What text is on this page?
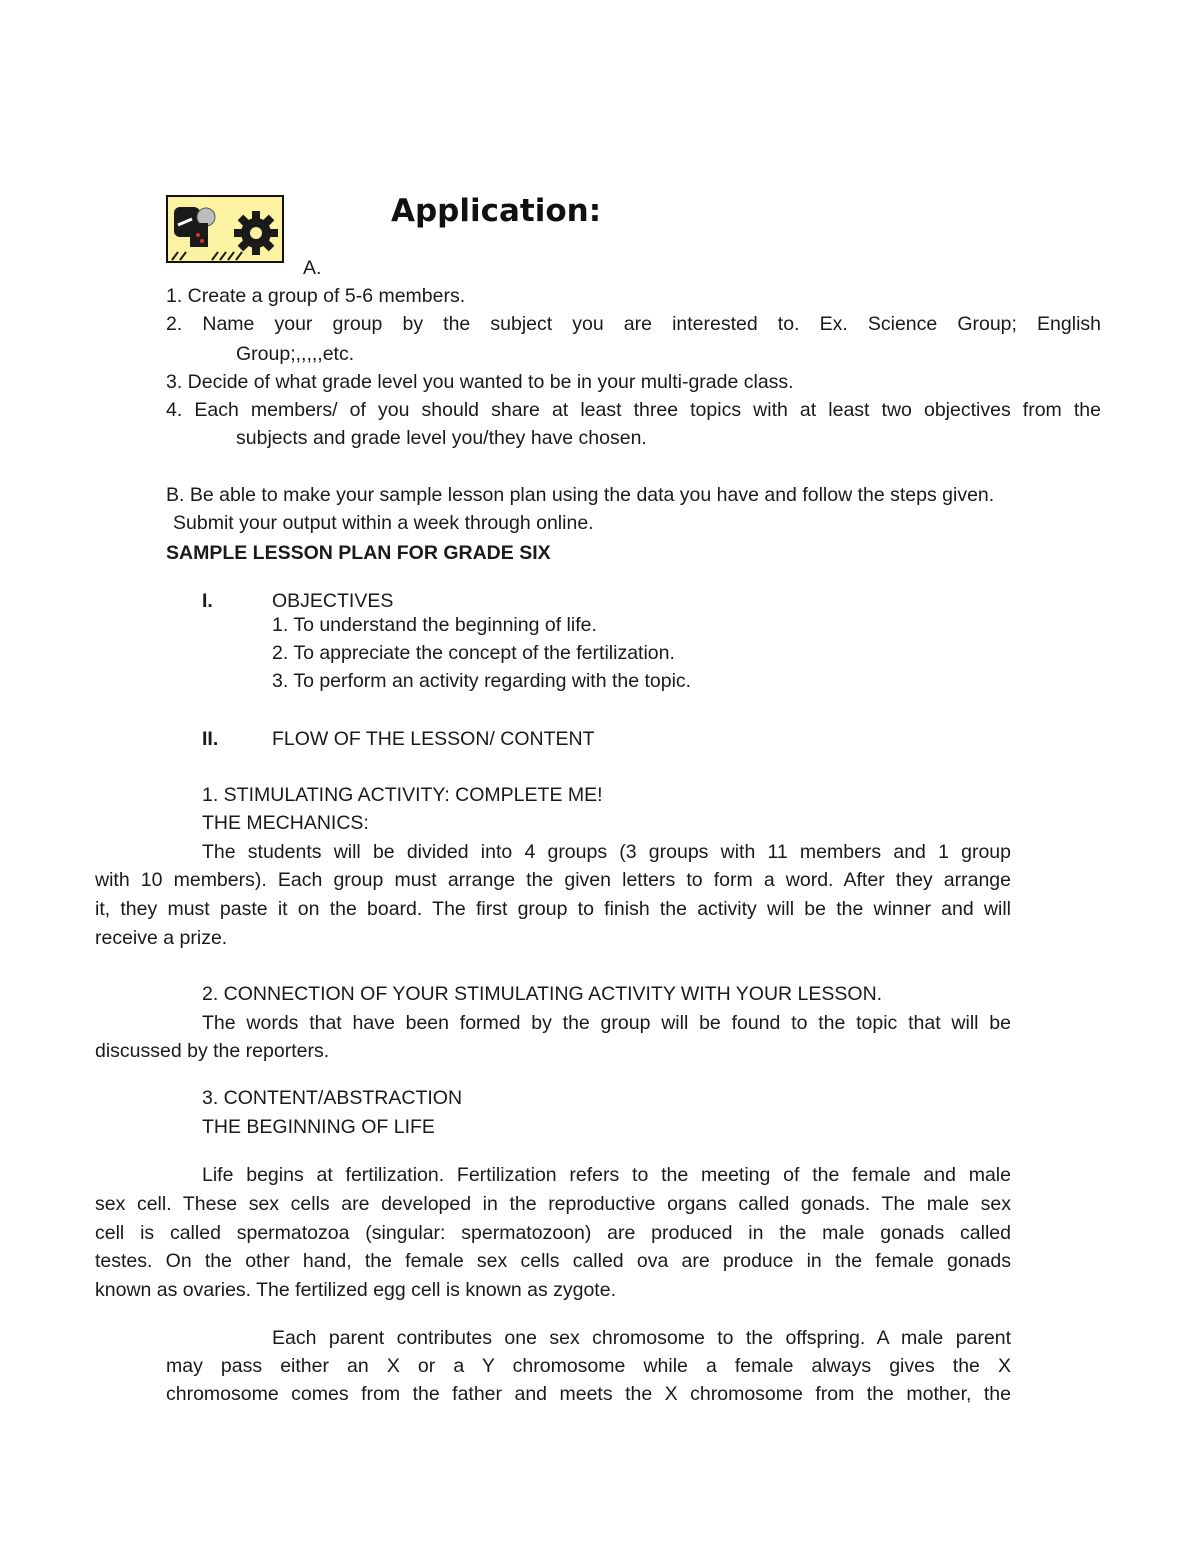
Application:
A.
1. Create a group of 5-6 members.
2. Name your group by the subject you are interested to. Ex. Science Group; English
Group;,,,,,etc.
3. Decide of what grade level you wanted to be in your multi-grade class.
4. Each members/ of you should share at least three topics with at least two objectives from the
subjects and grade level you/they have chosen.
B. Be able to make your sample lesson plan using the data you have and follow the steps given.
Submit your output within a week through online.
SAMPLE LESSON PLAN FOR GRADE SIX
I.	OBJECTIVES
1. To understand the beginning of life.
2. To appreciate the concept of the fertilization.
3. To perform an activity regarding with the topic.
II.	FLOW OF THE LESSON/ CONTENT
1. STIMULATING ACTIVITY: COMPLETE ME!
THE MECHANICS:
The students will be divided into 4 groups (3 groups with 11 members and 1 group
with 10 members). Each group must arrange the given letters to form a word. After they arrange
it, they must paste it on the board. The first group to finish the activity will be the winner and will
receive a prize.
2. CONNECTION OF YOUR STIMULATING ACTIVITY WITH YOUR LESSON.
The words that have been formed by the group will be found to the topic that will be
discussed by the reporters.
3. CONTENT/ABSTRACTION
THE BEGINNING OF LIFE
Life begins at fertilization. Fertilization refers to the meeting of the female and male
sex cell. These sex cells are developed in the reproductive organs called gonads. The male sex
cell is called spermatozoa (singular: spermatozoon) are produced in the male gonads called
testes. On the other hand, the female sex cells called ova are produce in the female gonads
known as ovaries. The fertilized egg cell is known as zygote.
Each parent contributes one sex chromosome to the offspring. A male parent
may pass either an X or a Y chromosome while a female always gives the X
chromosome comes from the father and meets the X chromosome from the mother, the
